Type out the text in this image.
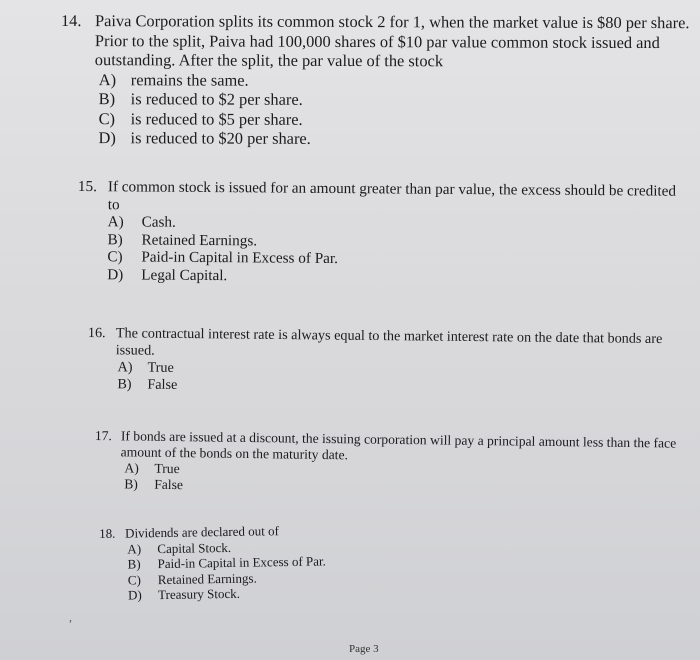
14. Paiva Corporation splits its common stock 2 for 1, when the market value is $80 per share. Prior to the split, Paiva had 100,000 shares of $10 par value common stock issued and outstanding. After the split, the par value of the stock
A) remains the same.
B) is reduced to $2 per share.
C) is reduced to $5 per share.
D) is reduced to $20 per share.
15. If common stock is issued for an amount greater than par value, the excess should be credited to
A)	Cash.
B)	Retained Earnings.
C)	Paid-in Capital in Excess of Par.
D)	Legal Capital.
16. The contractual interest rate is always equal to the market interest rate on the date that bonds are issued.
A)	True
B)	False
17. If bonds are issued at a discount, the issuing corporation will pay a principal amount less than the face amount of the bonds on the maturity date.
A)	True
B)	False
18. Dividends are declared out of
A)	Capital Stock.
B)	Paid-in Capital in Excess of Par.
C)	Retained Earnings.
D)	Treasury Stock.
,
Page 3
